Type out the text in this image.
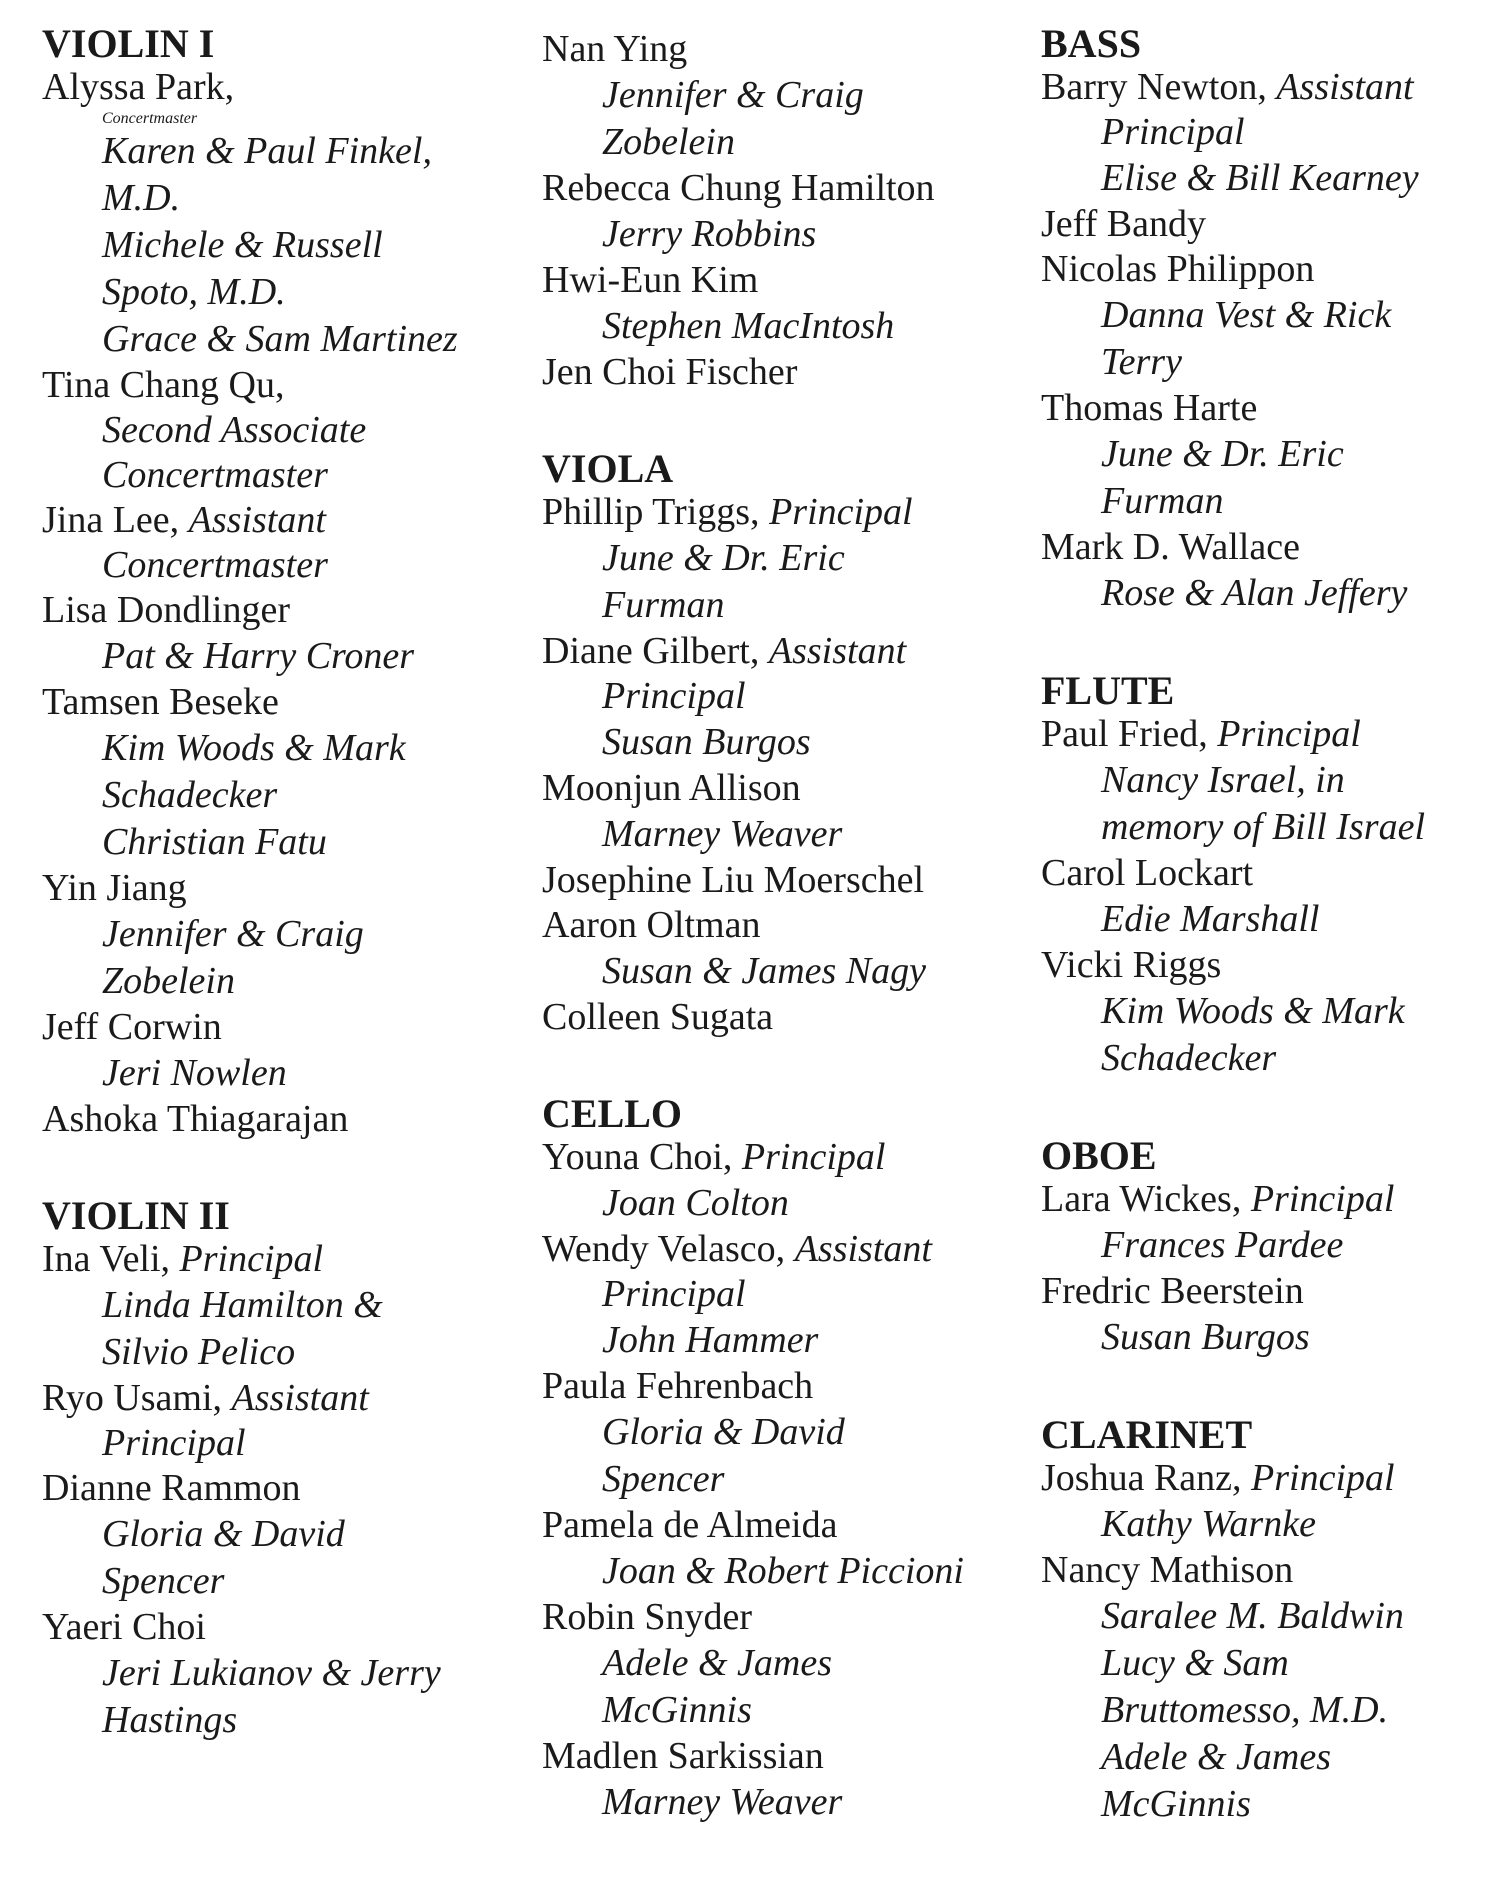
VIOLIN I
Alyssa Park,
Concertmaster
Karen & Paul Finkel,
M.D.
Michele & Russell
Spoto, M.D.
Grace & Sam Martinez
Tina Chang Qu,
Second Associate
Concertmaster
Jina Lee, Assistant
Concertmaster
Lisa Dondlinger
Pat & Harry Croner
Tamsen Beseke
Kim Woods & Mark
Schadecker
Christian Fatu
Yin Jiang
Jennifer & Craig
Zobelein
Jeff Corwin
Jeri Nowlen
Ashoka Thiagarajan
VIOLIN II
Ina Veli, Principal
Linda Hamilton &
Silvio Pelico
Ryo Usami, Assistant
Principal
Dianne Rammon
Gloria & David
Spencer
Yaeri Choi
Jeri Lukianov & Jerry
Hastings
Nan Ying
Jennifer & Craig
Zobelein
Rebecca Chung Hamilton
Jerry Robbins
Hwi-Eun Kim
Stephen MacIntosh
Jen Choi Fischer
VIOLA
Phillip Triggs, Principal
June & Dr. Eric
Furman
Diane Gilbert, Assistant
Principal
Susan Burgos
Moonjun Allison
Marney Weaver
Josephine Liu Moerschel
Aaron Oltman
Susan & James Nagy
Colleen Sugata
CELLO
Youna Choi, Principal
Joan Colton
Wendy Velasco, Assistant
Principal
John Hammer
Paula Fehrenbach
Gloria & David
Spencer
Pamela de Almeida
Joan & Robert Piccioni
Robin Snyder
Adele & James
McGinnis
Madlen Sarkissian
Marney Weaver
BASS
Barry Newton, Assistant
Principal
Elise & Bill Kearney
Jeff Bandy
Nicolas Philippon
Danna Vest & Rick
Terry
Thomas Harte
June & Dr. Eric
Furman
Mark D. Wallace
Rose & Alan Jeffery
FLUTE
Paul Fried, Principal
Nancy Israel, in
memory of Bill Israel
Carol Lockart
Edie Marshall
Vicki Riggs
Kim Woods & Mark
Schadecker
OBOE
Lara Wickes, Principal
Frances Pardee
Fredric Beerstein
Susan Burgos
CLARINET
Joshua Ranz, Principal
Kathy Warnke
Nancy Mathison
Saralee M. Baldwin
Lucy & Sam
Bruttomesso, M.D.
Adele & James
McGinnis
